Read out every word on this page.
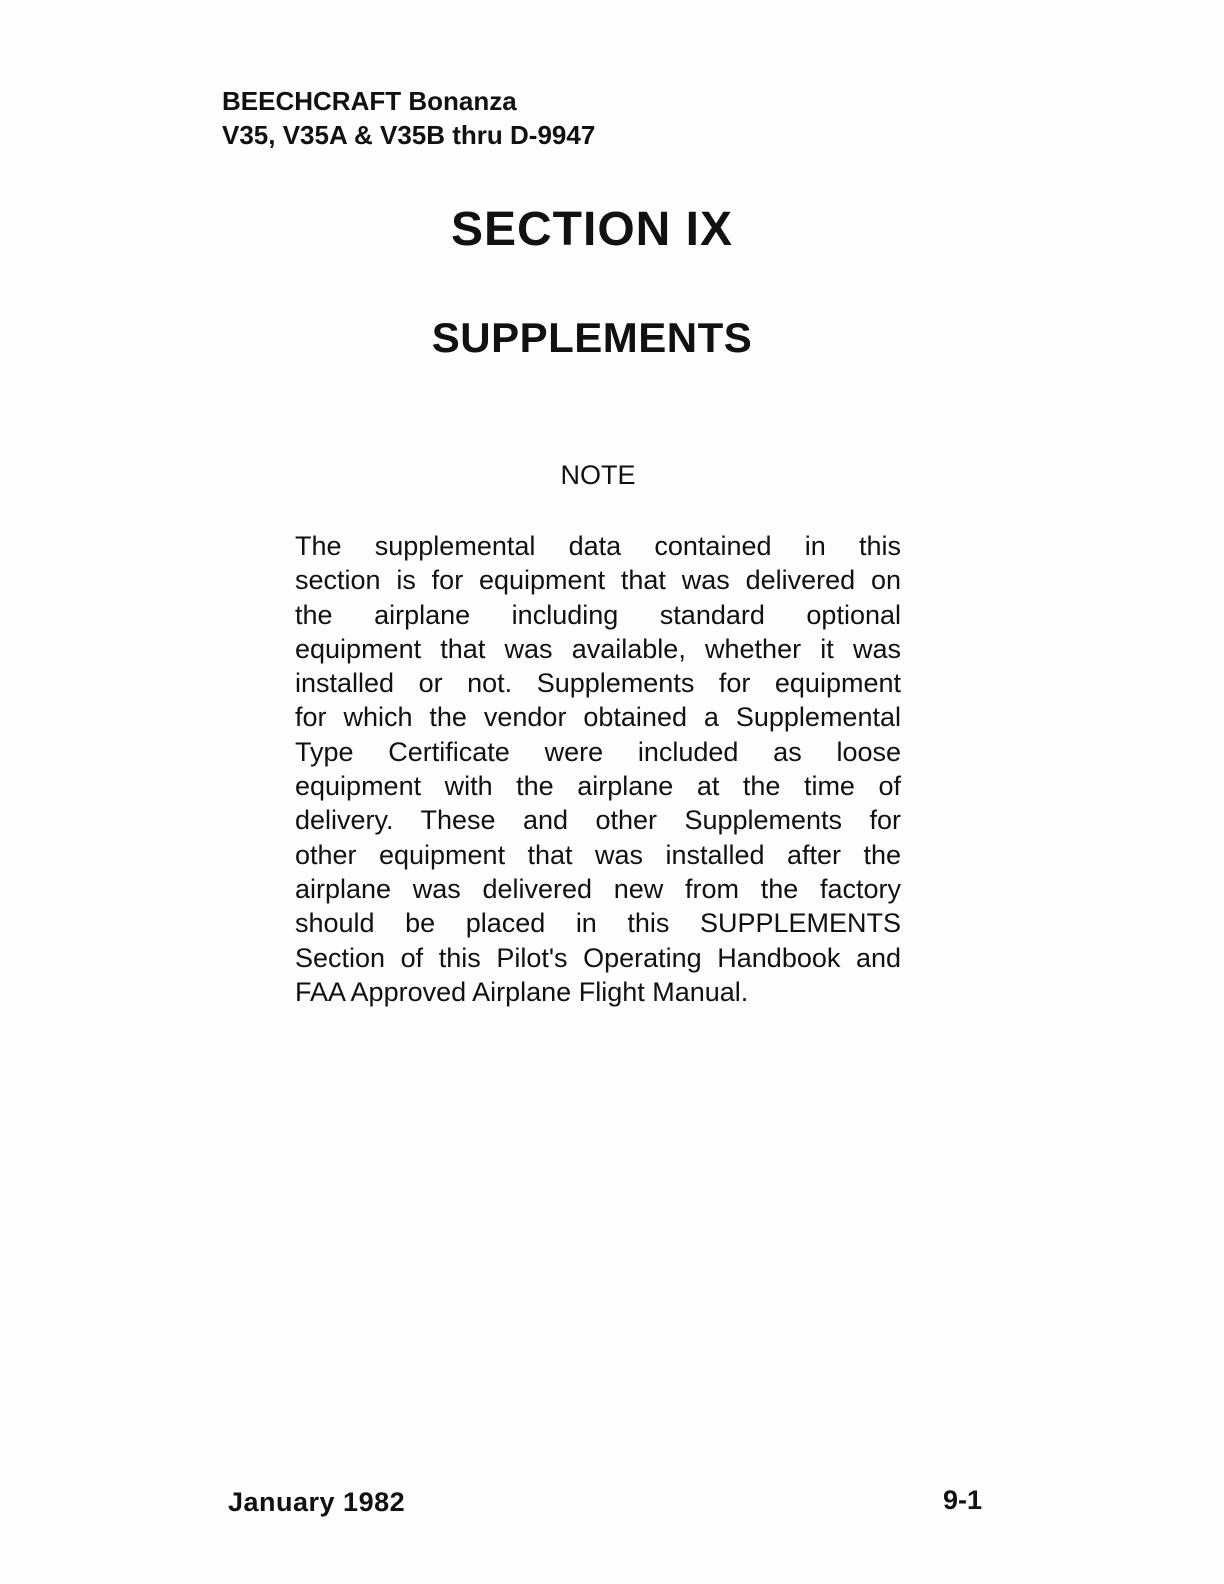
BEECHCRAFT Bonanza
V35, V35A & V35B thru D-9947
SECTION IX
SUPPLEMENTS
NOTE
The supplemental data contained in this
section is for equipment that was delivered on
the airplane including standard optional
equipment that was available, whether it was
installed or not. Supplements for equipment
for which the vendor obtained a Supplemental
Type Certificate were included as loose
equipment with the airplane at the time of
delivery. These and other Supplements for
other equipment that was installed after the
airplane was delivered new from the factory
should be placed in this SUPPLEMENTS
Section of this Pilot's Operating Handbook and
FAA Approved Airplane Flight Manual.
January 1982	9-1
